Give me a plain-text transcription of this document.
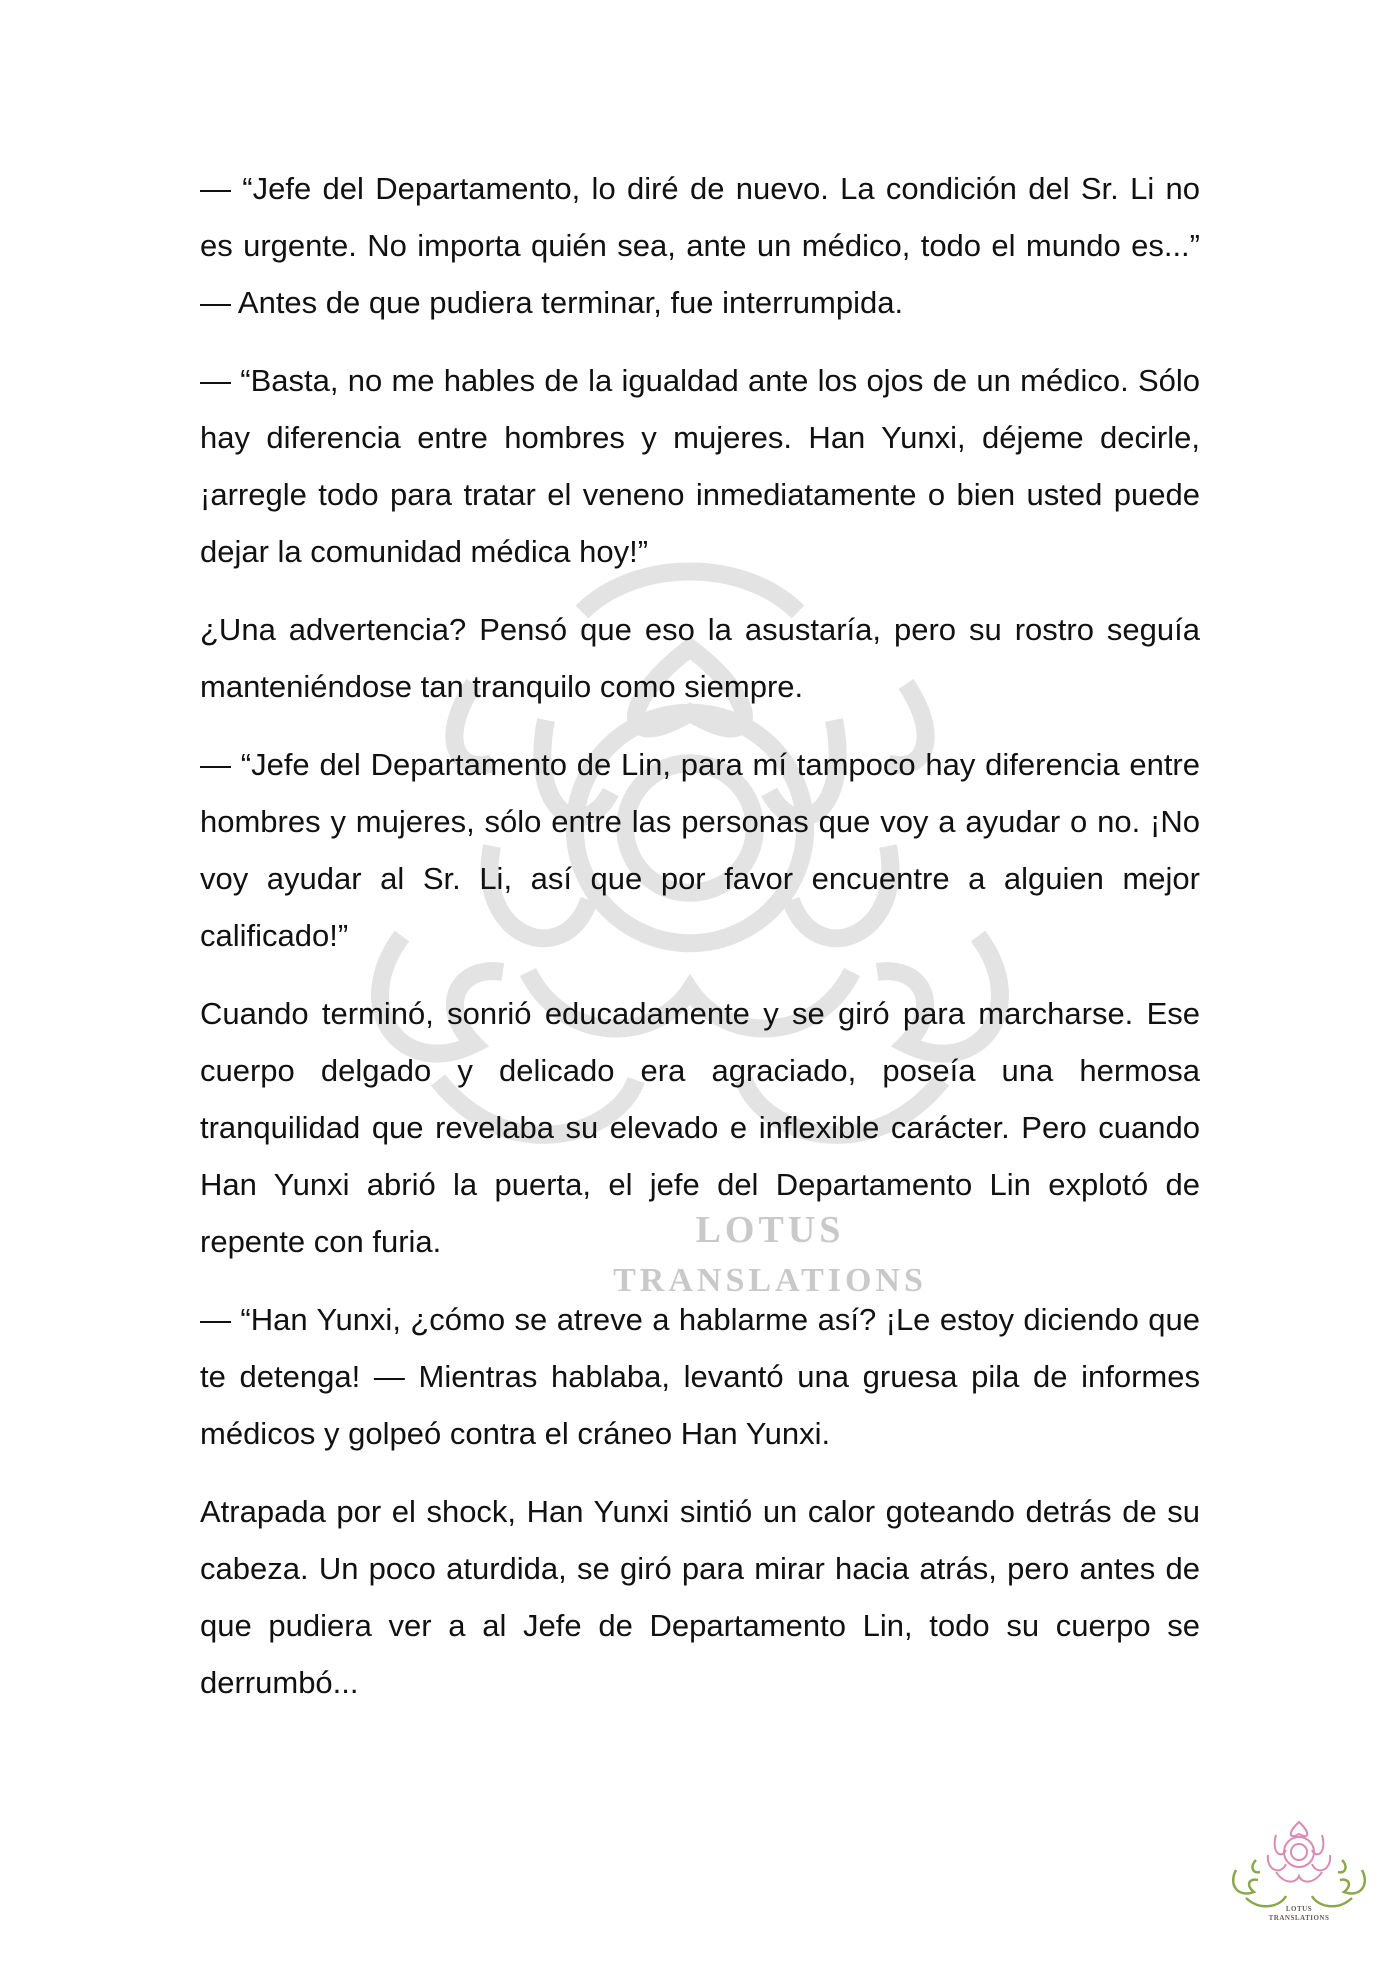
LOTUS
TRANSLATIONS

— “Jefe del Departamento, lo diré de nuevo. La condición del Sr. Li no es urgente. No importa quién sea, ante un médico, todo el mundo es...” — Antes de que pudiera terminar, fue interrumpida.

— “Basta, no me hables de la igualdad ante los ojos de un médico. Sólo hay diferencia entre hombres y mujeres. Han Yunxi, déjeme decirle, ¡arregle todo para tratar el veneno inmediatamente o bien usted puede dejar la comunidad médica hoy!”

¿Una advertencia? Pensó que eso la asustaría, pero su rostro seguía manteniéndose tan tranquilo como siempre.

— “Jefe del Departamento de Lin, para mí tampoco hay diferencia entre hombres y mujeres, sólo entre las personas que voy a ayudar o no. ¡No voy ayudar al Sr. Li, así que por favor encuentre a alguien mejor calificado!”

Cuando terminó, sonrió educadamente y se giró para marcharse. Ese cuerpo delgado y delicado era agraciado, poseía una hermosa tranquilidad que revelaba su elevado e inflexible carácter. Pero cuando Han Yunxi abrió la puerta, el jefe del Departamento Lin explotó de repente con furia.

— “Han Yunxi, ¿cómo se atreve a hablarme así? ¡Le estoy diciendo que te detenga! — Mientras hablaba, levantó una gruesa pila de informes médicos y golpeó contra el cráneo Han Yunxi.

Atrapada por el shock, Han Yunxi sintió un calor goteando detrás de su cabeza. Un poco aturdida, se giró para mirar hacia atrás, pero antes de que pudiera ver a al Jefe de Departamento Lin, todo su cuerpo se derrumbó...

LOTUS
TRANSLATIONS
